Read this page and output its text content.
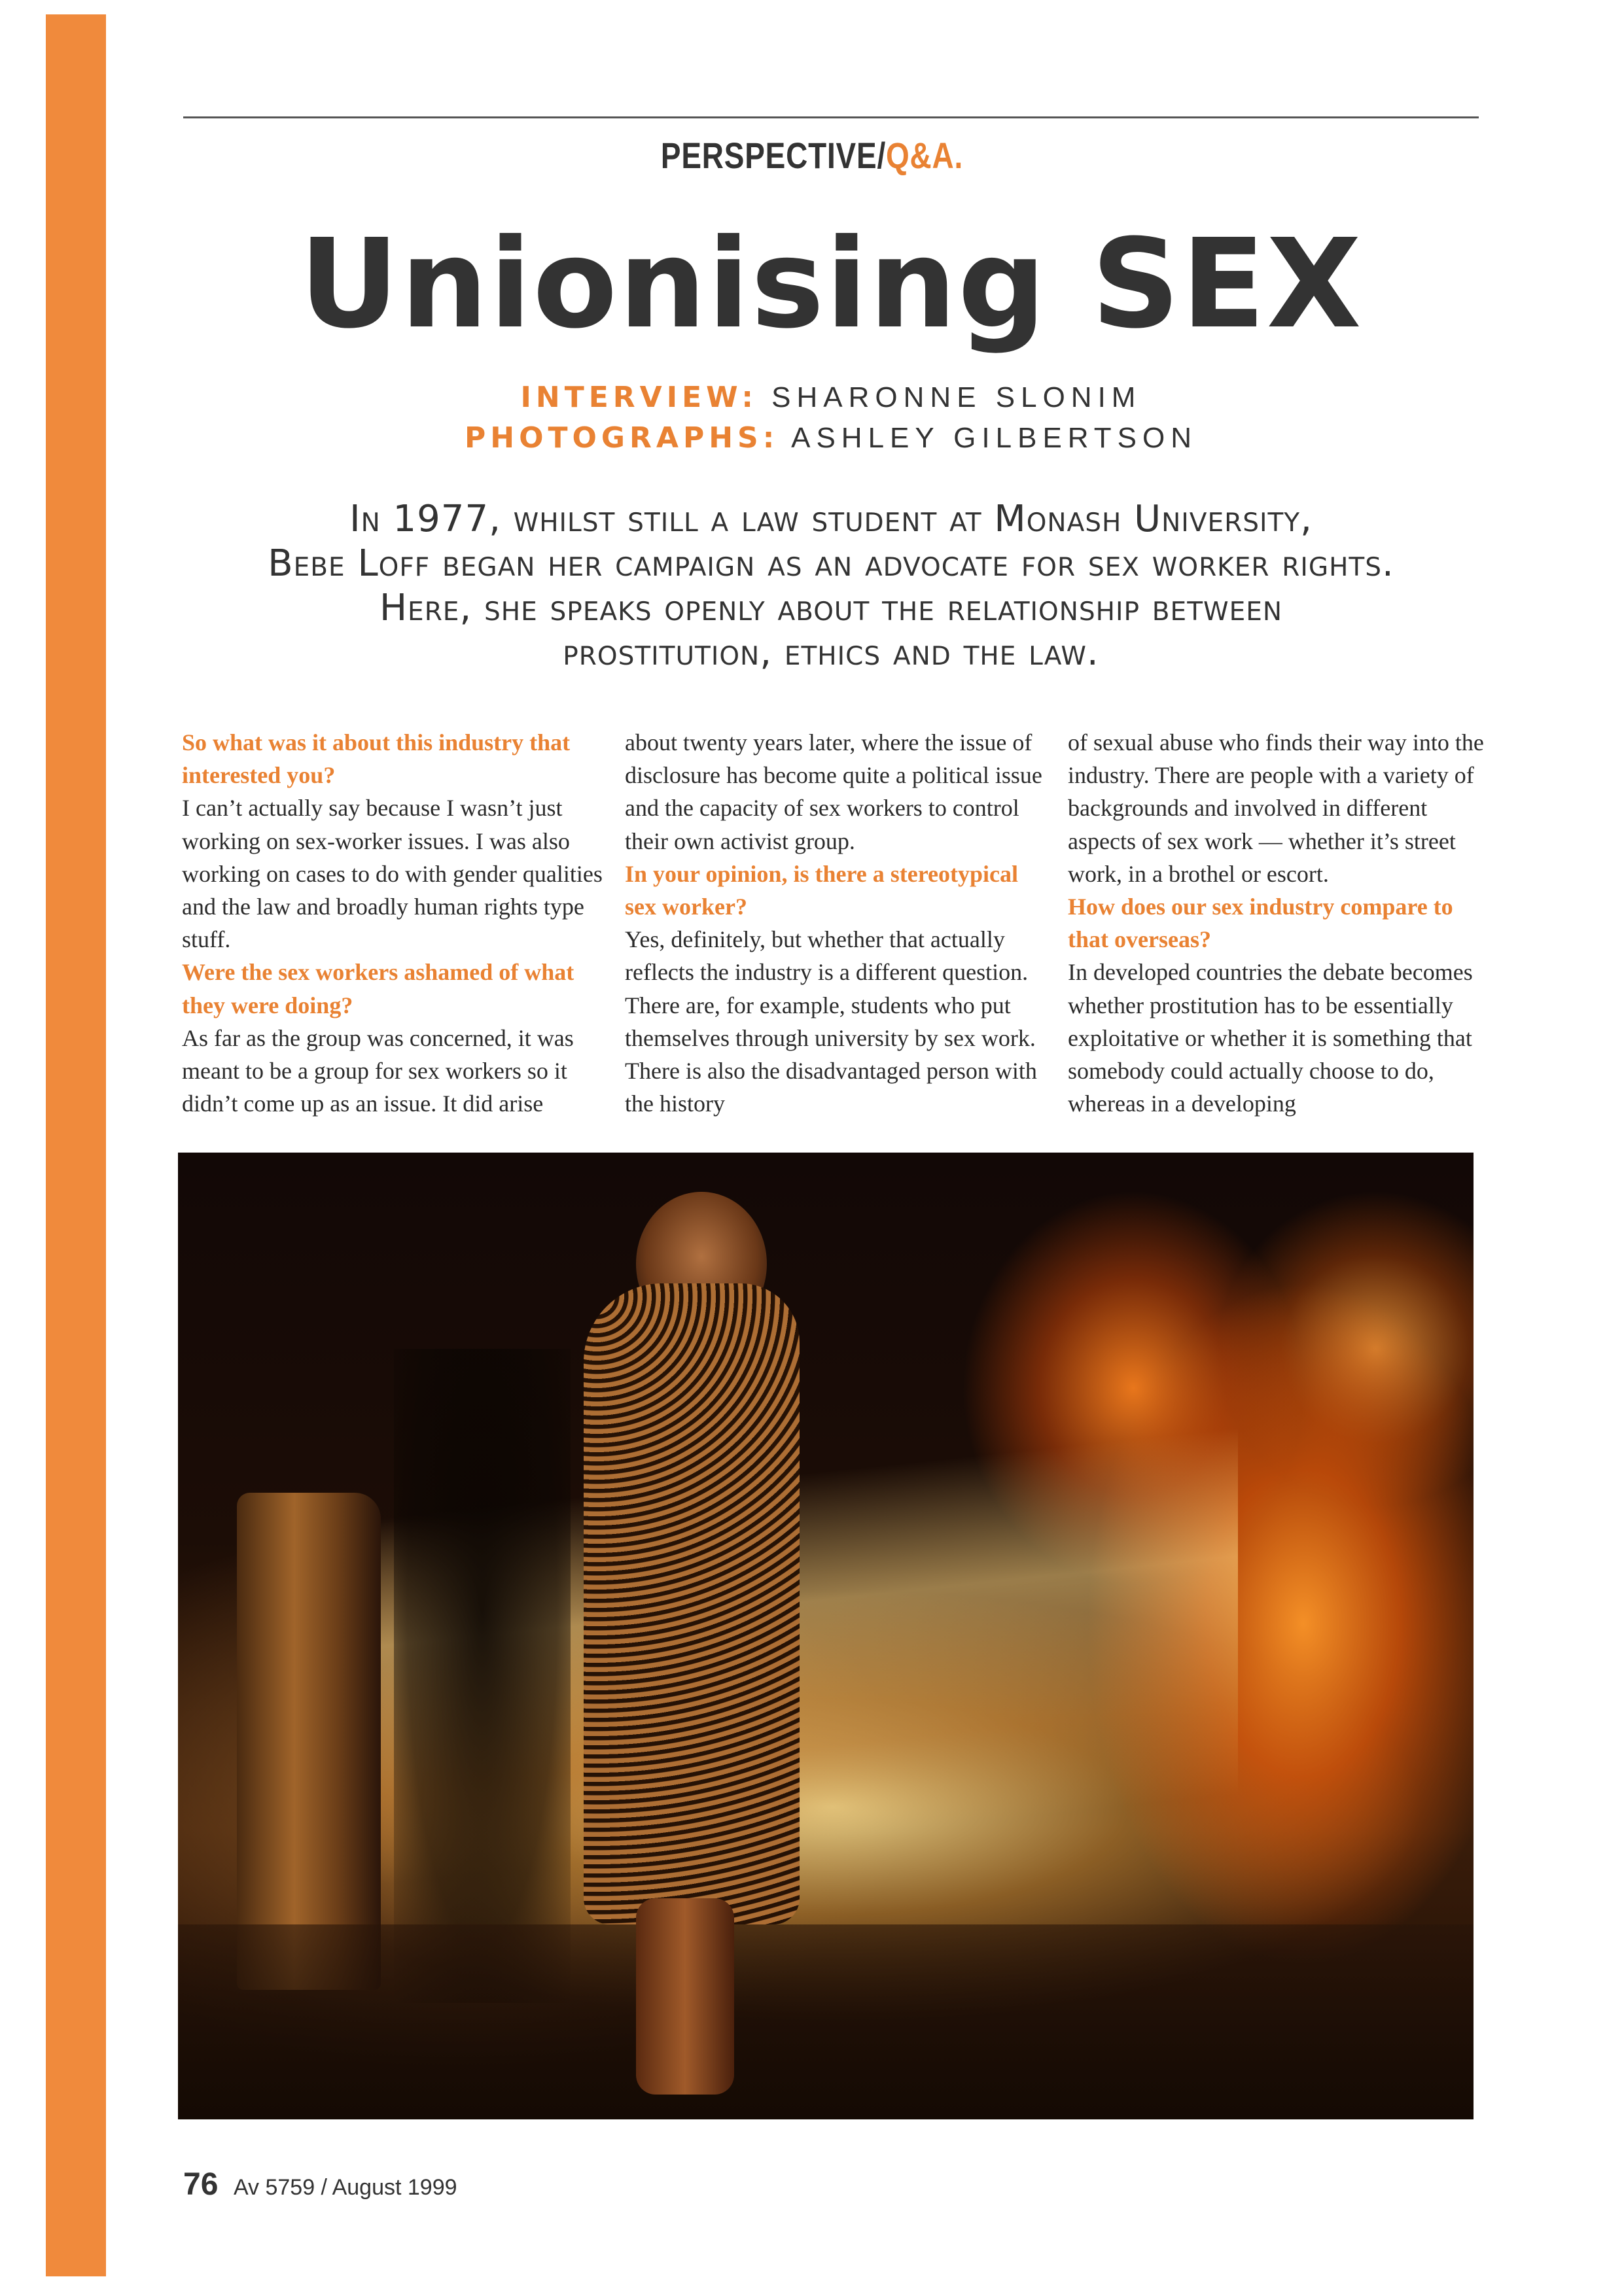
PERSPECTIVE/Q&A.
Unionising SEX
INTERVIEW: SHARONNE SLONIM
PHOTOGRAPHS: ASHLEY GILBERTSON
In 1977, whilst still a law student at Monash University,
Bebe Loff began her campaign as an advocate for sex worker rights.
Here, she speaks openly about the relationship between
prostitution, ethics and the law.

So what was it about this industry that interested you?

I can’t actually say because I wasn’t just working on sex-worker issues. I was also working on cases to do with gender qualities and the law and broadly human rights type stuff.

Were the sex workers ashamed of what they were doing?

As far as the group was concerned, it was meant to be a group for sex workers so it didn’t come up as an issue. It did arise

about twenty years later, where the issue of disclosure has become quite a political issue and the capacity of sex workers to control their own activist group.

In your opinion, is there a stereotypical sex worker?

Yes, definitely, but whether that actually reflects the industry is a different question. There are, for example, students who put themselves through university by sex work. There is also the disadvantaged person with the history

of sexual abuse who finds their way into the industry. There are people with a variety of backgrounds and involved in different aspects of sex work — whether it’s street work, in a brothel or escort.

How does our sex industry compare to that overseas?

In developed countries the debate becomes whether prostitution has to be essentially exploitative or whether it is something that somebody could actually choose to do, whereas in a developing

76 Av 5759 / August 1999
